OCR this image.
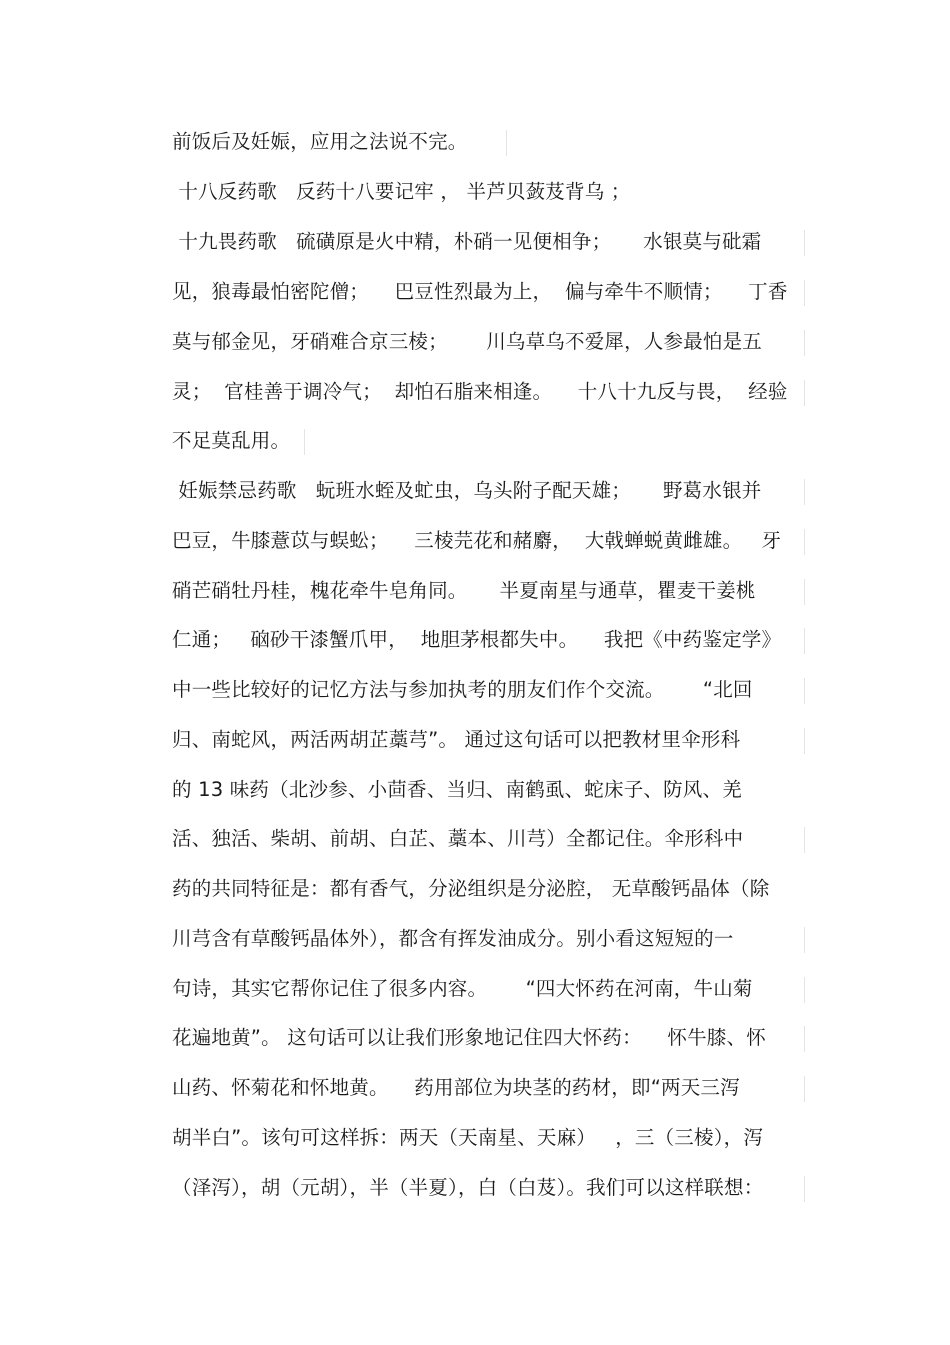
前饭后及妊娠，应用之法说不完。
十八反药歌   反药十八要记牢 ， 半芦贝蔹芨背乌 ；
十九畏药歌   硫磺原是火中精，朴硝一见便相争；     水银莫与砒霜
见，狼毒最怕密陀僧；    巴豆性烈最为上，  偏与牵牛不顺情；    丁香
莫与郁金见，牙硝难合京三棱；      川乌草乌不爱犀，人参最怕是五
灵；  官桂善于调冷气；  却怕石脂来相逢。    十八十九反与畏，  经验
不足莫乱用。
妊娠禁忌药歌   蚖班水蛭及虻虫，乌头附子配天雄；     野葛水银并
巴豆，牛膝薏苡与蜈蚣；    三棱芫花和赭麝，  大戟蝉蜕黄雌雄。   牙
硝芒硝牡丹桂，槐花牵牛皂角同。     半夏南星与通草，瞿麦干姜桃
仁通；   硇砂干漆蟹爪甲，  地胆茅根都失中。    我把《中药鉴定学》
中一些比较好的记忆方法与参加执考的朋友们作个交流。      “北回
归、南蛇风，两活两胡芷藁芎”。 通过这句话可以把教材里伞形科
的 13 味药（北沙参、小茴香、当归、南鹤虱、蛇床子、防风、羌
活、独活、柴胡、前胡、白芷、藁本、川芎）全都记住。伞形科中
药的共同特征是：都有香气，分泌组织是分泌腔， 无草酸钙晶体（除
川芎含有草酸钙晶体外），都含有挥发油成分。别小看这短短的一
句诗，其实它帮你记住了很多内容。      “四大怀药在河南，牛山菊
花遍地黄”。 这句话可以让我们形象地记住四大怀药：    怀牛膝、怀
山药、怀菊花和怀地黄。    药用部位为块茎的药材，即“两天三泻
胡半白”。该句可这样拆：两天（天南星、天麻）   ，三（三棱），泻
（泽泻），胡（元胡），半（半夏），白（白芨）。我们可以这样联想：
